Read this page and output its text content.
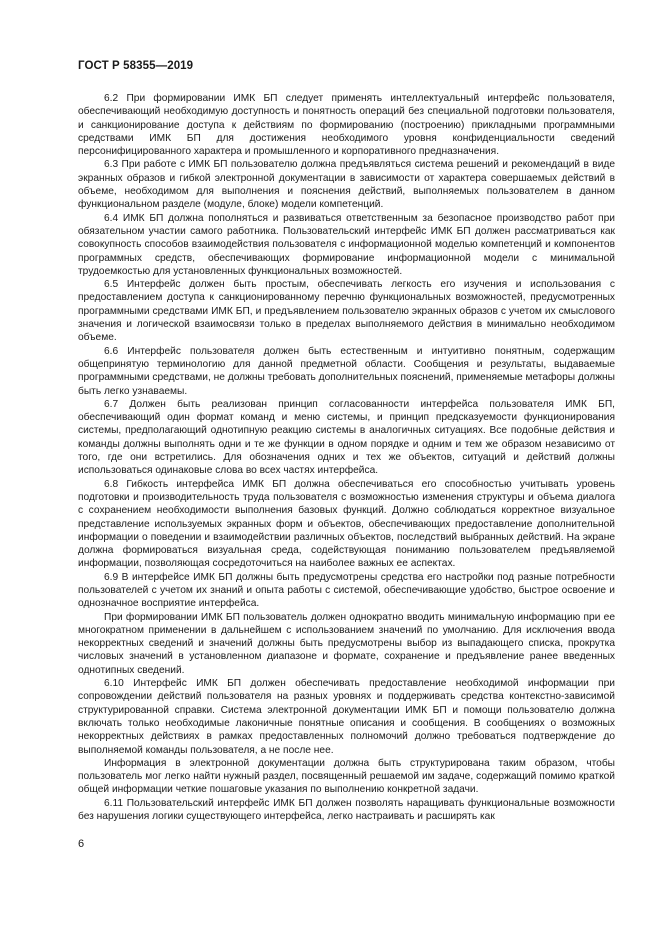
ГОСТ Р 58355—2019

6.2 При формировании ИМК БП следует применять интеллектуальный интерфейс пользователя, обеспечивающий необходимую доступность и понятность операций без специальной подготовки пользователя, и санкционирование доступа к действиям по формированию (построению) прикладными программными средствами ИМК БП для достижения необходимого уровня конфиденциальности сведений персонифицированного характера и промышленного и корпоративного предназначения.

6.3 При работе с ИМК БП пользователю должна предъявляться система решений и рекомендаций в виде экранных образов и гибкой электронной документации в зависимости от характера совершаемых действий в объеме, необходимом для выполнения и пояснения действий, выполняемых пользователем в данном функциональном разделе (модуле, блоке) модели компетенций.

6.4 ИМК БП должна пополняться и развиваться ответственным за безопасное производство работ при обязательном участии самого работника. Пользовательский интерфейс ИМК БП должен рассматриваться как совокупность способов взаимодействия пользователя с информационной моделью компетенций и компонентов программных средств, обеспечивающих формирование информационной модели с минимальной трудоемкостью для установленных функциональных возможностей.

6.5 Интерфейс должен быть простым, обеспечивать легкость его изучения и использования с предоставлением доступа к санкционированному перечню функциональных возможностей, предусмотренных программными средствами ИМК БП, и предъявлением пользователю экранных образов с учетом их смыслового значения и логической взаимосвязи только в пределах выполняемого действия в минимально необходимом объеме.

6.6 Интерфейс пользователя должен быть естественным и интуитивно понятным, содержащим общепринятую терминологию для данной предметной области. Сообщения и результаты, выдаваемые программными средствами, не должны требовать дополнительных пояснений, применяемые метафоры должны быть легко узнаваемы.

6.7 Должен быть реализован принцип согласованности интерфейса пользователя ИМК БП, обеспечивающий один формат команд и меню системы, и принцип предсказуемости функционирования системы, предполагающий однотипную реакцию системы в аналогичных ситуациях. Все подобные действия и команды должны выполнять одни и те же функции в одном порядке и одним и тем же образом независимо от того, где они встретились. Для обозначения одних и тех же объектов, ситуаций и действий должны использоваться одинаковые слова во всех частях интерфейса.

6.8 Гибкость интерфейса ИМК БП должна обеспечиваться его способностью учитывать уровень подготовки и производительность труда пользователя с возможностью изменения структуры и объема диалога с сохранением необходимости выполнения базовых функций. Должно соблюдаться корректное визуальное представление используемых экранных форм и объектов, обеспечивающих предоставление дополнительной информации о поведении и взаимодействии различных объектов, последствий выбранных действий. На экране должна формироваться визуальная среда, содействующая пониманию пользователем предъявляемой информации, позволяющая сосредоточиться на наиболее важных ее аспектах.

6.9 В интерфейсе ИМК БП должны быть предусмотрены средства его настройки под разные потребности пользователей с учетом их знаний и опыта работы с системой, обеспечивающие удобство, быстрое освоение и однозначное восприятие интерфейса.

При формировании ИМК БП пользователь должен однократно вводить минимальную информацию при ее многократном применении в дальнейшем с использованием значений по умолчанию. Для исключения ввода некорректных сведений и значений должны быть предусмотрены выбор из выпадающего списка, прокрутка числовых значений в установленном диапазоне и формате, сохранение и предъявление ранее введенных однотипных сведений.

6.10 Интерфейс ИМК БП должен обеспечивать предоставление необходимой информации при сопровождении действий пользователя на разных уровнях и поддерживать средства контекстно-зависимой структурированной справки. Система электронной документации ИМК БП и помощи пользователю должна включать только необходимые лаконичные понятные описания и сообщения. В сообщениях о возможных некорректных действиях в рамках предоставленных полномочий должно требоваться подтверждение до выполняемой команды пользователя, а не после нее.

Информация в электронной документации должна быть структурирована таким образом, чтобы пользователь мог легко найти нужный раздел, посвященный решаемой им задаче, содержащий помимо краткой общей информации четкие пошаговые указания по выполнению конкретной задачи.

6.11 Пользовательский интерфейс ИМК БП должен позволять наращивать функциональные возможности без нарушения логики существующего интерфейса, легко настраивать и расширять как

6
